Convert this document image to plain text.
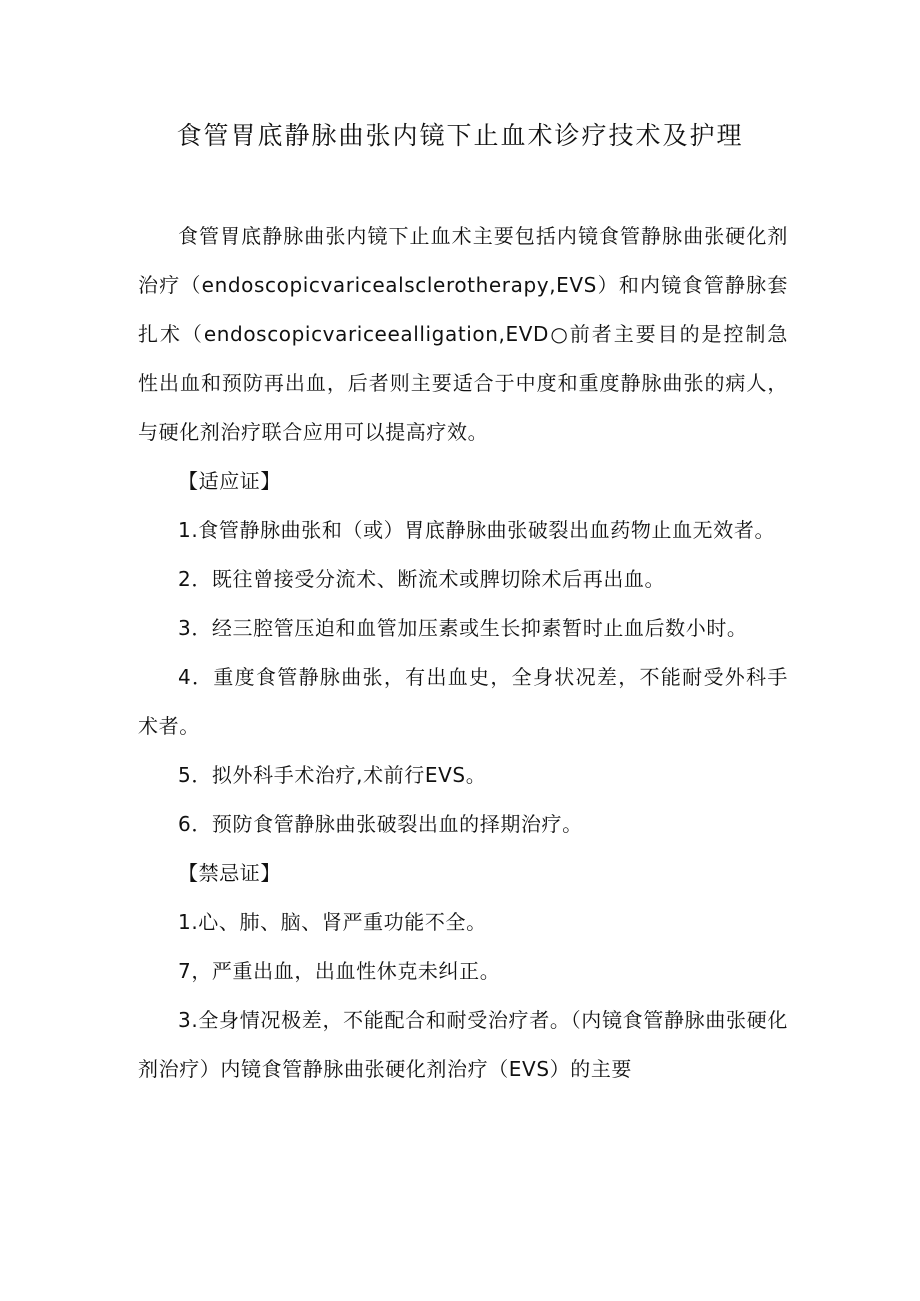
食管胃底静脉曲张内镜下止血术诊疗技术及护理

食管胃底静脉曲张内镜下止血术主要包括内镜食管静脉曲张硬化剂治疗（endoscopicvaricealsclerotherapy,EVS）和内镜食管静脉套扎术（endoscopicvariceealligation,EVD○前者主要目的是控制急性出血和预防再出血，后者则主要适合于中度和重度静脉曲张的病人，与硬化剂治疗联合应用可以提高疗效。

【适应证】

1.食管静脉曲张和（或）胃底静脉曲张破裂出血药物止血无效者。

2．既往曾接受分流术、断流术或脾切除术后再出血。

3．经三腔管压迫和血管加压素或生长抑素暂时止血后数小时。

4．重度食管静脉曲张，有出血史，全身状况差，不能耐受外科手术者。

5．拟外科手术治疗,术前行EVS。

6．预防食管静脉曲张破裂出血的择期治疗。

【禁忌证】

1.心、肺、脑、肾严重功能不全。

7，严重出血，出血性休克未纠正。

3.全身情况极差，不能配合和耐受治疗者。（内镜食管静脉曲张硬化剂治疗）内镜食管静脉曲张硬化剂治疗（EVS）的主要
